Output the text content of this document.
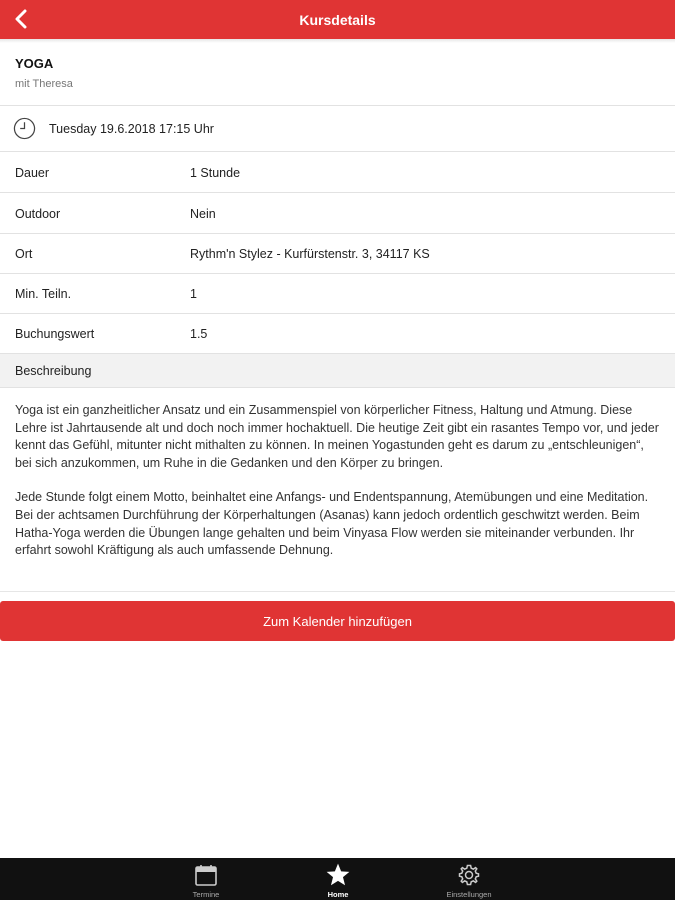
Kursdetails
YOGA
mit Theresa
Tuesday 19.6.2018 17:15 Uhr
Dauer	1 Stunde
Outdoor	Nein
Ort	Rythm'n Stylez - Kurfürstenstr. 3, 34117 KS
Min. Teiln.	1
Buchungswert	1.5
Beschreibung

Yoga ist ein ganzheitlicher Ansatz und ein Zusammenspiel von körperlicher Fitness, Haltung und Atmung. Diese Lehre ist Jahrtausende alt und doch noch immer hochaktuell. Die heutige Zeit gibt ein rasantes Tempo vor, und jeder kennt das Gefühl, mitunter nicht mithalten zu können. In meinen Yogastunden geht es darum zu „entschleunigen“, bei sich anzukommen, um Ruhe in die Gedanken und den Körper zu bringen.

Jede Stunde folgt einem Motto, beinhaltet eine Anfangs- und Endentspannung, Atemübungen und eine Meditation. Bei der achtsamen Durchführung der Körperhaltungen (Asanas) kann jedoch ordentlich geschwitzt werden. Beim Hatha-Yoga werden die Übungen lange gehalten und beim Vinyasa Flow werden sie miteinander verbunden. Ihr erfahrt sowohl Kräftigung als auch umfassende Dehnung.

Zum Kalender hinzufügen
Termine	Home	Einstellungen
